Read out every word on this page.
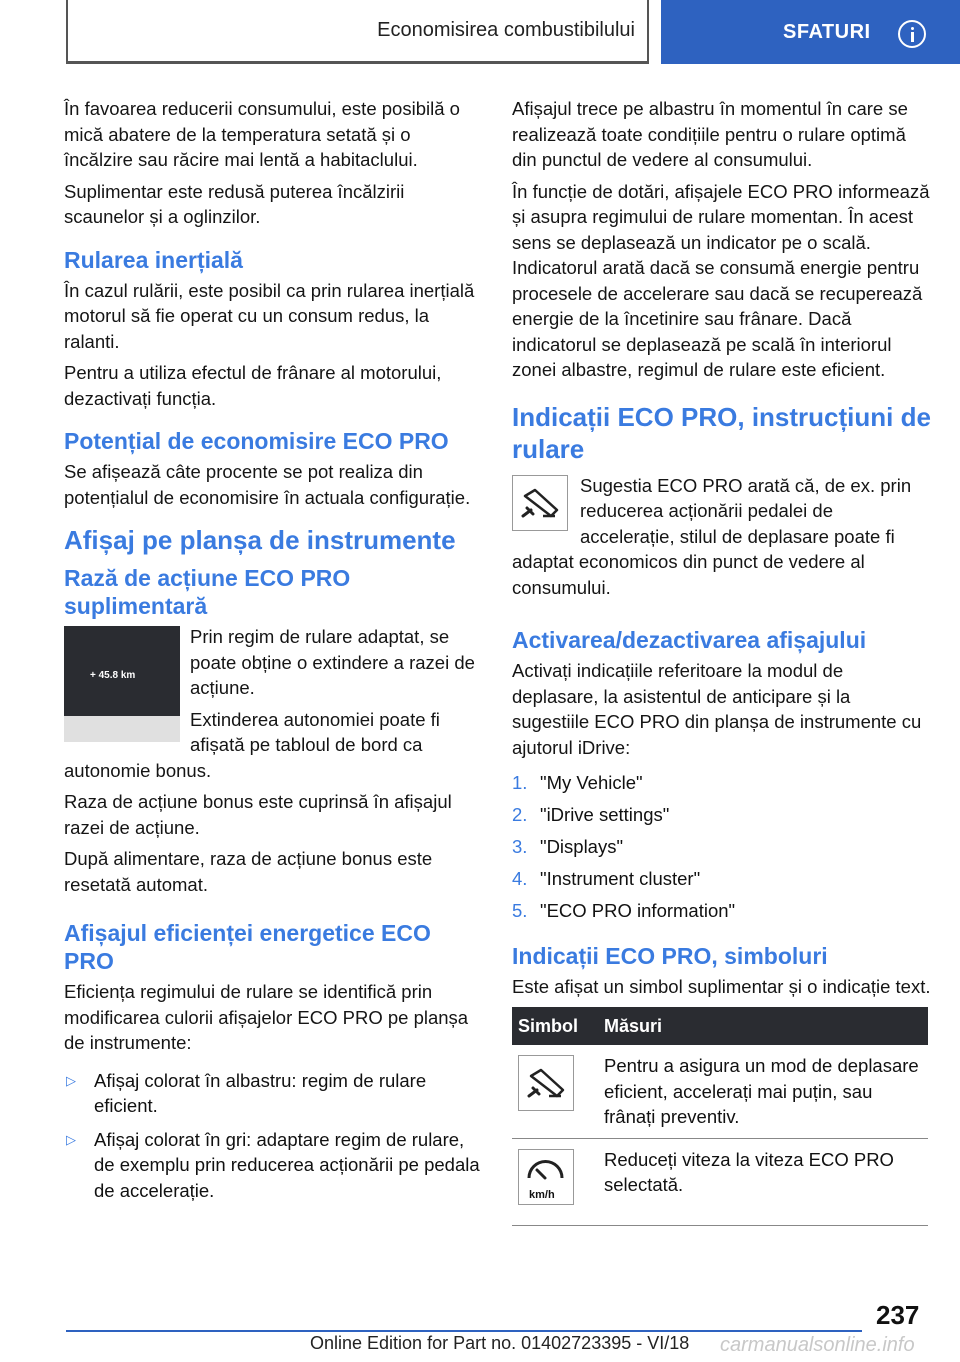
Economisirea combustibilului	SFATURI

În favoarea reducerii consumului, este posibilă o mică abatere de la temperatura setată și o încălzire sau răcire mai lentă a habitaclului.

Suplimentar este redusă puterea încălzirii scaunelor și a oglinzilor.

Rularea inerțială

În cazul rulării, este posibil ca prin rularea inerțială motorul să fie operat cu un consum redus, la ralanti.

Pentru a utiliza efectul de frânare al motorului, dezactivați funcția.

Potențial de economisire ECO PRO

Se afișează câte procente se pot realiza din potențialul de economisire în actuala configurație.

Afișaj pe planșa de instrumente
Rază de acțiune ECO PRO suplimentară
+ 45.8 km

Prin regim de rulare adaptat, se poate obține o extindere a razei de acțiune.

Extinderea autonomiei poate fi afișată pe tabloul de bord ca autonomie bonus.

Raza de acțiune bonus este cuprinsă în afișajul razei de acțiune.

După alimentare, raza de acțiune bonus este resetată automat.

Afișajul eficienței energetice ECO PRO

Eficiența regimului de rulare se identifică prin modificarea culorii afișajelor ECO PRO pe planșa de instrumente:

▷ Afișaj colorat în albastru: regim de rulare eficient.
▷ Afișaj colorat în gri: adaptare regim de rulare, de exemplu prin reducerea acționării pe pedala de accelerație.

Afișajul trece pe albastru în momentul în care se realizează toate condițiile pentru o rulare optimă din punctul de vedere al consumului.

În funcție de dotări, afișajele ECO PRO informează și asupra regimului de rulare momentan. În acest sens se deplasează un indicator pe o scală. Indicatorul arată dacă se consumă energie pentru procesele de accelerare sau dacă se recuperează energie de la încetinire sau frânare. Dacă indicatorul se deplasează pe scală în interiorul zonei albastre, regimul de rulare este eficient.

Indicații ECO PRO, instrucțiuni de rulare

Sugestia ECO PRO arată că, de ex. prin reducerea acționării pedalei de accelerație, stilul de deplasare poate fi adaptat economicos din punct de vedere al consumului.

Activarea/dezactivarea afișajului

Activați indicațiile referitoare la modul de deplasare, la asistentul de anticipare și la sugestiile ECO PRO din planșa de instrumente cu ajutorul iDrive:

1. "My Vehicle"
2. "iDrive settings"
3. "Displays"
4. "Instrument cluster"
5. "ECO PRO information"
Indicații ECO PRO, simboluri

Este afișat un simbol suplimentar și o indicație text.

Simbol	Măsuri

	Pentru a asigura un mod de deplasare eficient, accelerați mai puțin, sau frânați preventiv.

km/h	Reduceți viteza la viteza ECO PRO selectată.
237
Online Edition for Part no. 01402723395 - VI/18 carmanualsonline.info
